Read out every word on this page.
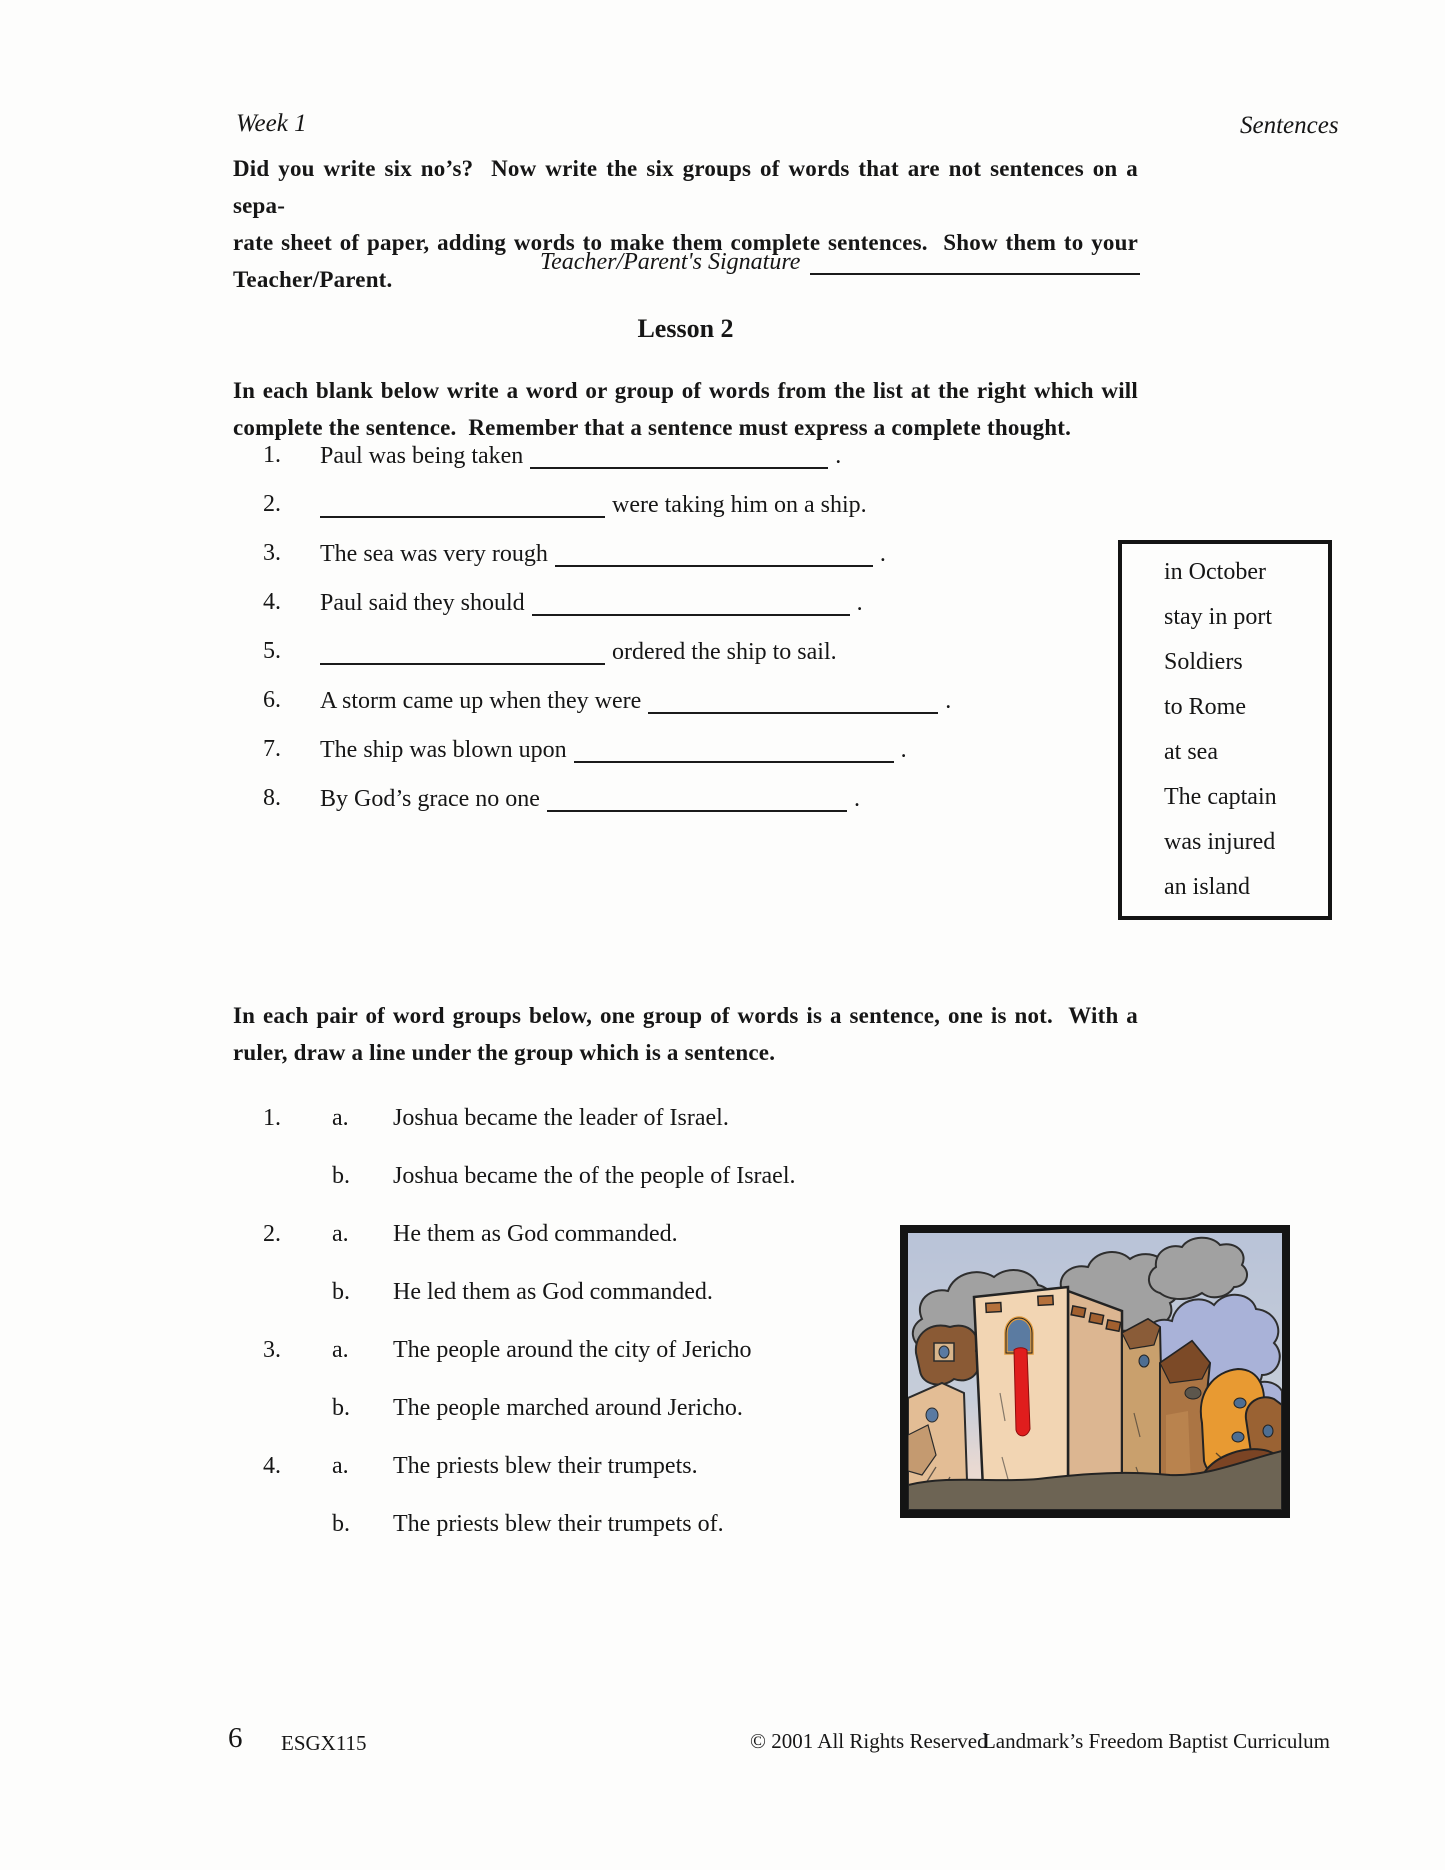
Week 1	Sentences
Did you write six no’s?  Now write the six groups of words that are not sentences on a sepa-
rate sheet of paper, adding words to make them complete sentences.  Show them to your
Teacher/Parent.
Teacher/Parent's Signature
Lesson 2
In each blank below write a word or group of words from the list at the right which will
complete the sentence.  Remember that a sentence must express a complete thought.
1.	Paul was being taken	.
2.	were taking him on a ship.
3.	The sea was very rough	.
4.	Paul said they should	.
5.	ordered the ship to sail.
6.	A storm came up when they were	.
7.	The ship was blown upon	.
8.	By God’s grace no one	.
in October
stay in port
Soldiers
to Rome
at sea
The captain
was injured
an island
In each pair of word groups below, one group of words is a sentence, one is not.  With a
ruler, draw a line under the group which is a sentence.
1.	a.	Joshua became the leader of Israel.
b.	Joshua became the of the people of Israel.
2.	a.	He them as God commanded.
b.	He led them as God commanded.
3.	a.	The people around the city of Jericho
b.	The people marched around Jericho.
4.	a.	The priests blew their trumpets.
b.	The priests blew their trumpets of.
6 ESGX115	© 2001 All Rights Reserved
Landmark’s Freedom Baptist Curriculum
